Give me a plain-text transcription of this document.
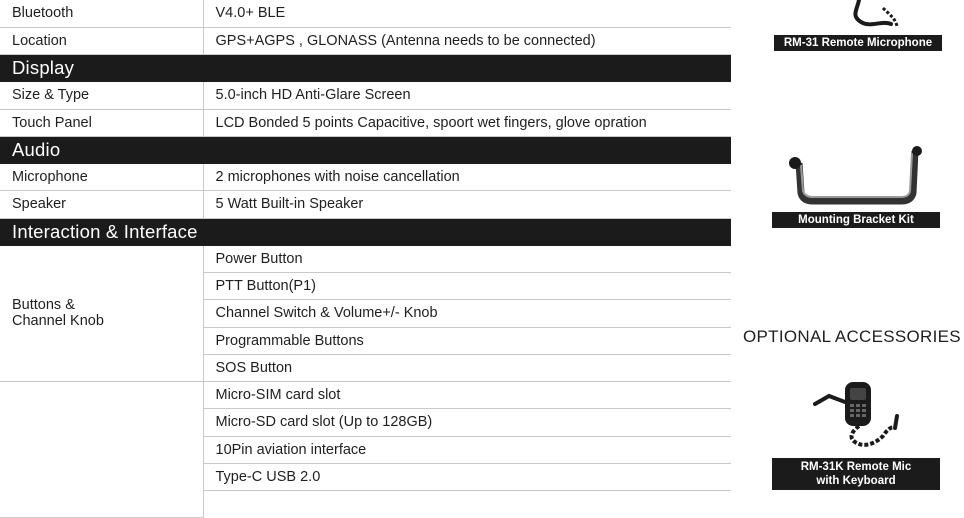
Bluetooth	V4.0+ BLE
Location	GPS+AGPS , GLONASS (Antenna needs to be connected)
Display	
Size & Type	5.0-inch HD Anti-Glare Screen
Touch Panel	LCD Bonded 5 points Capacitive, spoort wet fingers, glove opration
Audio	
Microphone	2 microphones with noise cancellation
Speaker	5 Watt Built-in Speaker
Interaction & Interface	

Buttons &
Channel Knob	Power Button
	PTT Button(P1)
	Channel Switch & Volume+/- Knob
	Programmable Buttons
	SOS Button
	Micro-SIM card slot
	Micro-SD card slot (Up to 128GB)
	10Pin aviation interface
	Type-C USB 2.0

RM-31 Remote Microphone
Mounting Bracket Kit
OPTIONAL ACCESSORIES
RM-31K Remote Mic
with Keyboard
